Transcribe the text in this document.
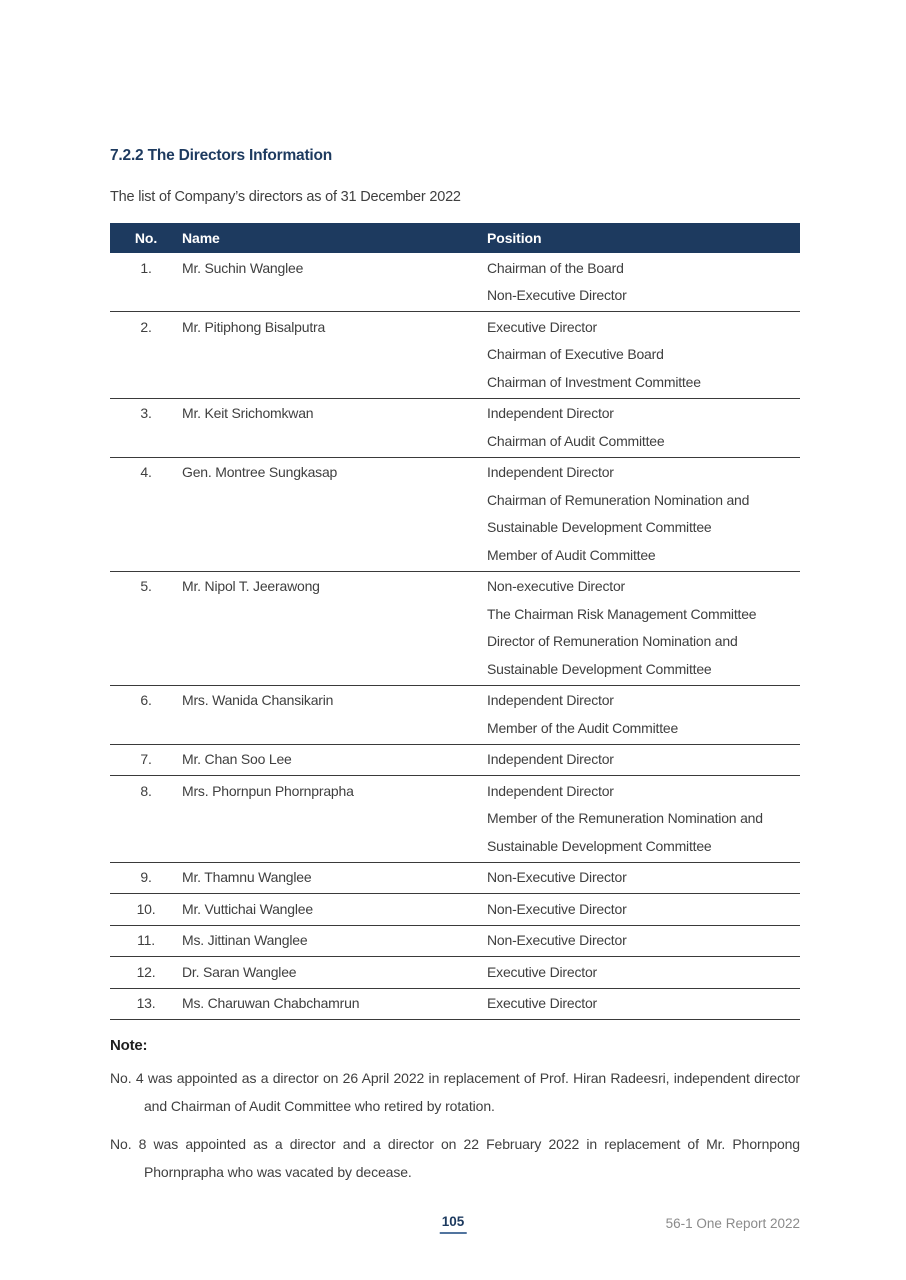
7.2.2 The Directors Information

The list of Company’s directors as of 31 December 2022

No.	Name	Position
1.	Mr. Suchin Wanglee	Chairman of the Board
Non-Executive Director
2.	Mr. Pitiphong Bisalputra	Executive Director
Chairman of Executive Board
Chairman of Investment Committee
3.	Mr. Keit Srichomkwan	Independent Director
Chairman of Audit Committee
4.	Gen. Montree Sungkasap	Independent Director
Chairman of Remuneration Nomination and
Sustainable Development Committee
Member of Audit Committee
5.	Mr. Nipol T. Jeerawong	Non-executive Director
The Chairman Risk Management Committee
Director of Remuneration Nomination and
Sustainable Development Committee
6.	Mrs. Wanida Chansikarin	Independent Director
Member of the Audit Committee
7.	Mr. Chan Soo Lee	Independent Director
8.	Mrs. Phornpun Phornprapha	Independent Director
Member of the Remuneration Nomination and
Sustainable Development Committee
9.	Mr. Thamnu Wanglee	Non-Executive Director
10.	Mr. Vuttichai Wanglee	Non-Executive Director
11.	Ms. Jittinan Wanglee	Non-Executive Director
12.	Dr. Saran Wanglee	Executive Director
13.	Ms. Charuwan Chabchamrun	Executive Director
Note:

No. 4 was appointed as a director on 26 April 2022 in replacement of Prof. Hiran Radeesri, independent director and Chairman of Audit Committee who retired by rotation.

No. 8 was appointed as a director and a director on 22 February 2022 in replacement of Mr. Phornpong Phornprapha who was vacated by decease.

105	56-1 One Report 2022
